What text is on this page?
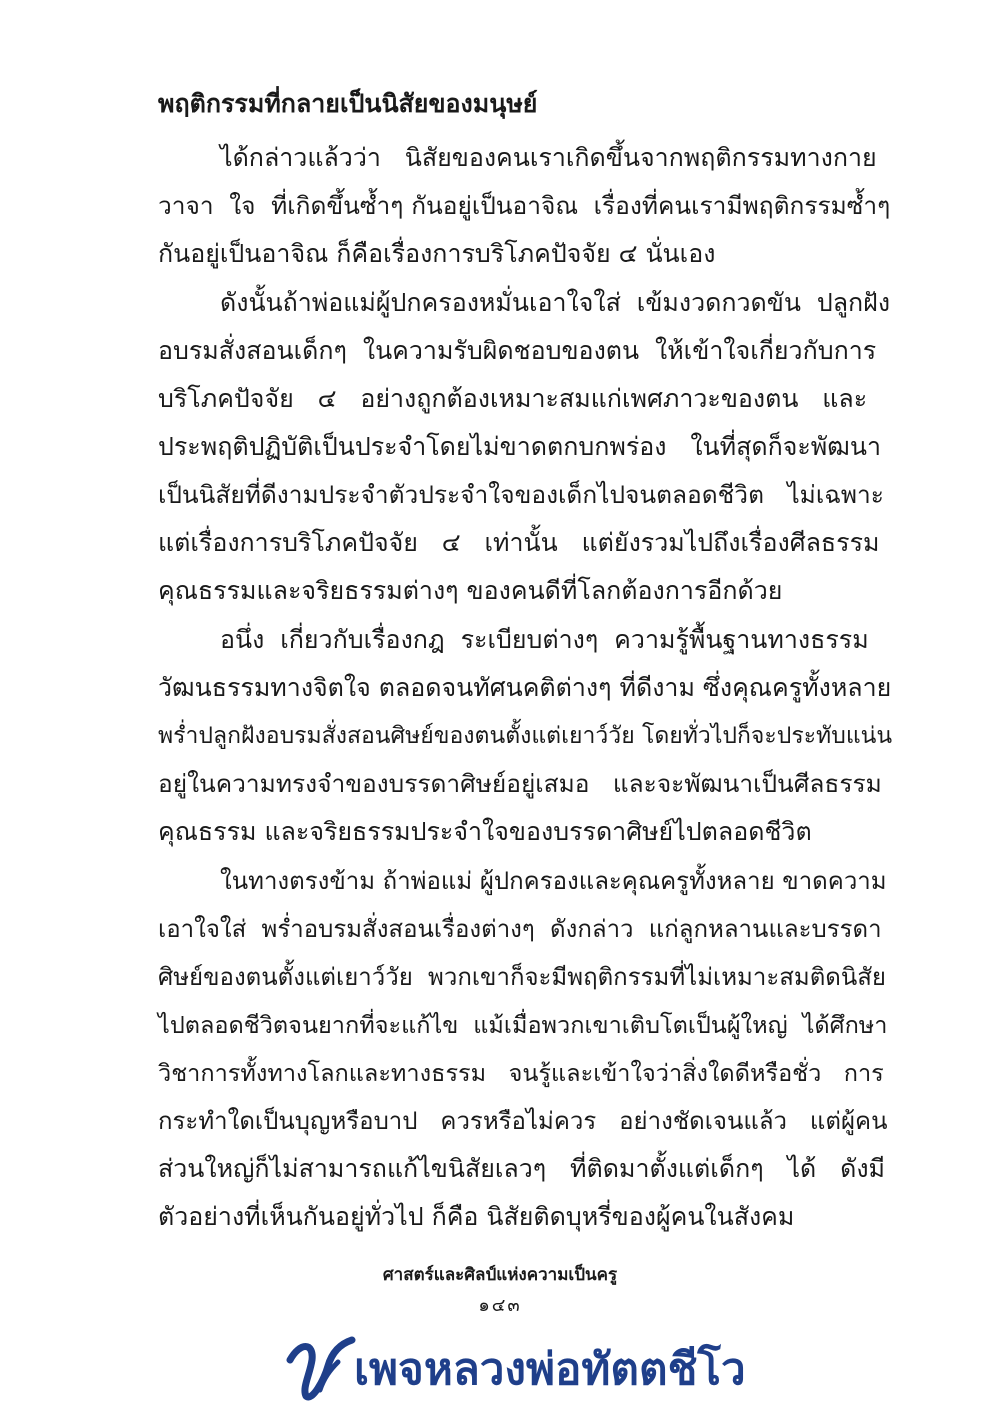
พฤติกรรมที่กลายเป็นนิสัยของมนุษย์
ได้กล่าวแล้วว่า   นิสัยของคนเราเกิดขึ้นจากพฤติกรรมทางกาย
วาจา  ใจ  ที่เกิดขึ้นซ้ำๆ กันอยู่เป็นอาจิณ  เรื่องที่คนเรามีพฤติกรรมซ้ำๆ
กันอยู่เป็นอาจิณ ก็คือเรื่องการบริโภคปัจจัย ๔ นั่นเอง
ดังนั้นถ้าพ่อแม่ผู้ปกครองหมั่นเอาใจใส่  เข้มงวดกวดขัน  ปลูกฝัง
อบรมสั่งสอนเด็กๆ  ในความรับผิดชอบของตน  ให้เข้าใจเกี่ยวกับการ
บริโภคปัจจัย   ๔   อย่างถูกต้องเหมาะสมแก่เพศภาวะของตน   และ
ประพฤติปฏิบัติเป็นประจำโดยไม่ขาดตกบกพร่อง   ในที่สุดก็จะพัฒนา
เป็นนิสัยที่ดีงามประจำตัวประจำใจของเด็กไปจนตลอดชีวิต   ไม่เฉพาะ
แต่เรื่องการบริโภคปัจจัย   ๔   เท่านั้น   แต่ยังรวมไปถึงเรื่องศีลธรรม
คุณธรรมและจริยธรรมต่างๆ ของคนดีที่โลกต้องการอีกด้วย
อนึ่ง  เกี่ยวกับเรื่องกฎ  ระเบียบต่างๆ  ความรู้พื้นฐานทางธรรม
วัฒนธรรมทางจิตใจ ตลอดจนทัศนคติต่างๆ ที่ดีงาม ซึ่งคุณครูทั้งหลาย
พร่ำปลูกฝังอบรมสั่งสอนศิษย์ของตนตั้งแต่เยาว์วัย โดยทั่วไปก็จะประทับแน่น
อยู่ในความทรงจำของบรรดาศิษย์อยู่เสมอ   และจะพัฒนาเป็นศีลธรรม
คุณธรรม และจริยธรรมประจำใจของบรรดาศิษย์ไปตลอดชีวิต
ในทางตรงข้าม ถ้าพ่อแม่ ผู้ปกครองและคุณครูทั้งหลาย ขาดความ
เอาใจใส่  พร่ำอบรมสั่งสอนเรื่องต่างๆ  ดังกล่าว  แก่ลูกหลานและบรรดา
ศิษย์ของตนตั้งแต่เยาว์วัย  พวกเขาก็จะมีพฤติกรรมที่ไม่เหมาะสมติดนิสัย
ไปตลอดชีวิตจนยากที่จะแก้ไข  แม้เมื่อพวกเขาเติบโตเป็นผู้ใหญ่  ได้ศึกษา
วิชาการทั้งทางโลกและทางธรรม   จนรู้และเข้าใจว่าสิ่งใดดีหรือชั่ว   การ
กระทำใดเป็นบุญหรือบาป   ควรหรือไม่ควร   อย่างชัดเจนแล้ว   แต่ผู้คน
ส่วนใหญ่ก็ไม่สามารถแก้ไขนิสัยเลวๆ   ที่ติดมาตั้งแต่เด็กๆ   ได้   ดังมี
ตัวอย่างที่เห็นกันอยู่ทั่วไป ก็คือ นิสัยติดบุหรี่ของผู้คนในสังคม
ศาสตร์และศิลป์แห่งความเป็นครู
๑๔๓
เพจหลวงพ่อทัตตชีโว
